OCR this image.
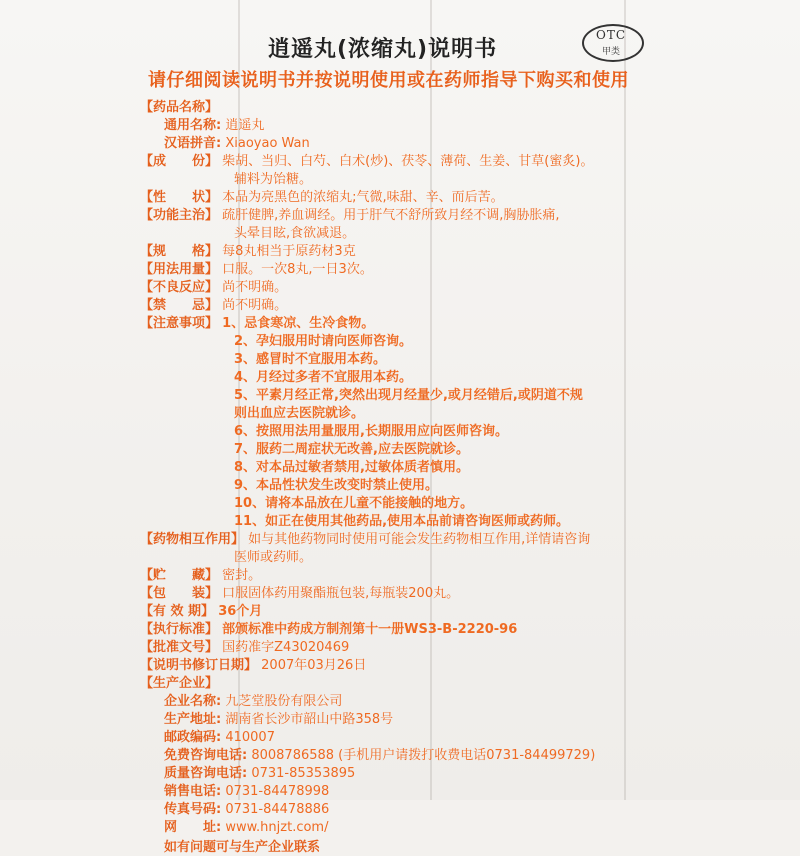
逍遥丸(浓缩丸)说明书
OTC
甲类
请仔细阅读说明书并按说明使用或在药师指导下购买和使用
【药品名称】
通用名称: 逍遥丸
汉语拼音: Xiaoyao Wan
【成　　份】 柴胡、当归、白芍、白术(炒)、茯苓、薄荷、生姜、甘草(蜜炙)。
辅料为饴糖。
【性　　状】 本品为亮黑色的浓缩丸;气微,味甜、辛、而后苦。
【功能主治】 疏肝健脾,养血调经。用于肝气不舒所致月经不调,胸胁胀痛,
头晕目眩,食欲减退。
【规　　格】 每8丸相当于原药材3克
【用法用量】 口服。一次8丸,一日3次。
【不良反应】 尚不明确。
【禁　　忌】 尚不明确。
【注意事项】 1、忌食寒凉、生冷食物。
2、孕妇服用时请向医师咨询。
3、感冒时不宜服用本药。
4、月经过多者不宜服用本药。
5、平素月经正常,突然出现月经量少,或月经错后,或阴道不规
则出血应去医院就诊。
6、按照用法用量服用,长期服用应向医师咨询。
7、服药二周症状无改善,应去医院就诊。
8、对本品过敏者禁用,过敏体质者慎用。
9、本品性状发生改变时禁止使用。
10、请将本品放在儿童不能接触的地方。
11、如正在使用其他药品,使用本品前请咨询医师或药师。
【药物相互作用】 如与其他药物同时使用可能会发生药物相互作用,详情请咨询
医师或药师。
【贮　　藏】 密封。
【包　　装】 口服固体药用聚酯瓶包装,每瓶装200丸。
【有 效 期】 36个月
【执行标准】 部颁标准中药成方制剂第十一册WS3-B-2220-96
【批准文号】 国药准字Z43020469
【说明书修订日期】 2007年03月26日
【生产企业】
企业名称: 九芝堂股份有限公司
生产地址: 湖南省长沙市韶山中路358号
邮政编码: 410007
免费咨询电话: 8008786588 (手机用户请拨打收费电话0731-84499729)
质量咨询电话: 0731-85353895
销售电话: 0731-84478998
传真号码: 0731-84478886
网　　址: www.hnjzt.com/
如有问题可与生产企业联系
